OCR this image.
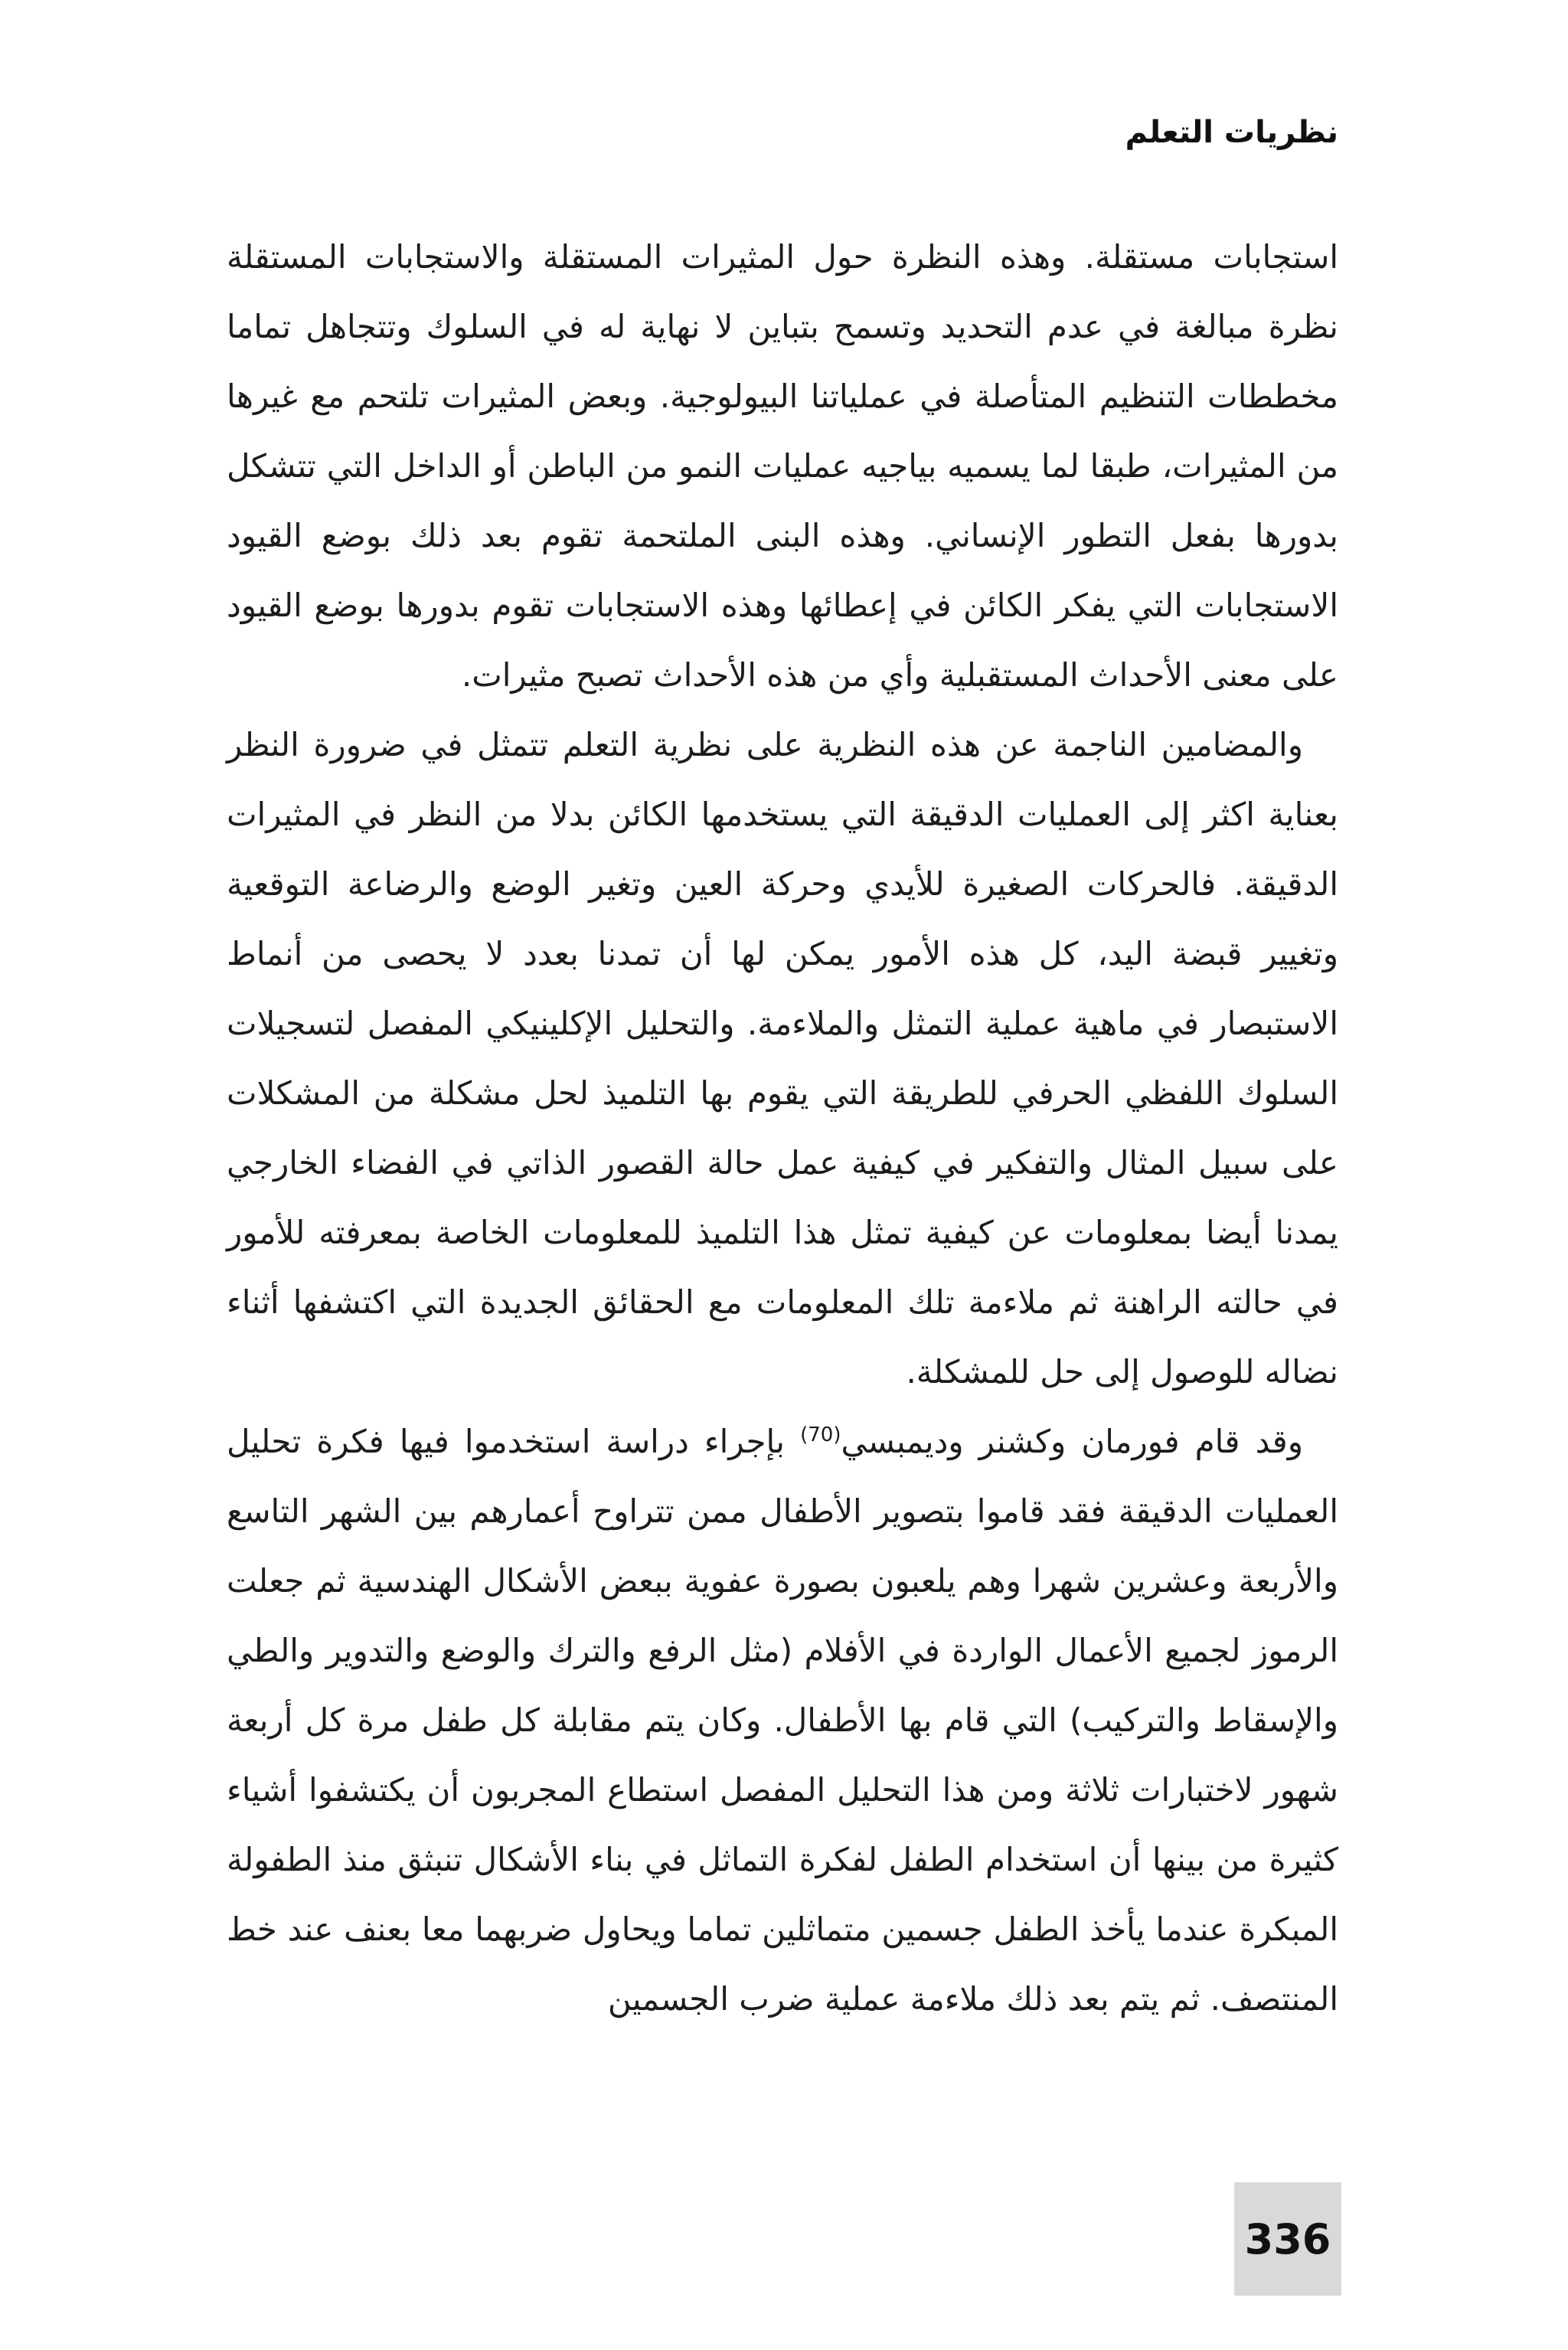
نظريات التعلم

استجابات مستقلة. وهذه النظرة حول المثيرات المستقلة والاستجابات المستقلة نظرة مبالغة في عدم التحديد وتسمح بتباين لا نهاية له في السلوك وتتجاهل تماما مخططات التنظيم المتأصلة في عملياتنا البيولوجية. وبعض المثيرات تلتحم مع غيرها من المثيرات، طبقا لما يسميه بياجيه عمليات النمو من الباطن أو الداخل التي تتشكل بدورها بفعل التطور الإنساني. وهذه البنى الملتحمة تقوم بعد ذلك بوضع القيود الاستجابات التي يفكر الكائن في إعطائها وهذه الاستجابات تقوم بدورها بوضع القيود على معنى الأحداث المستقبلية وأي من هذه الأحداث تصبح مثيرات.

والمضامين الناجمة عن هذه النظرية على نظرية التعلم تتمثل في ضرورة النظر بعناية اكثر إلى العمليات الدقيقة التي يستخدمها الكائن بدلا من النظر في المثيرات الدقيقة. فالحركات الصغيرة للأيدي وحركة العين وتغير الوضع والرضاعة التوقعية وتغيير قبضة اليد، كل هذه الأمور يمكن لها أن تمدنا بعدد لا يحصى من أنماط الاستبصار في ماهية عملية التمثل والملاءمة. والتحليل الإكلينيكي المفصل لتسجيلات السلوك اللفظي الحرفي للطريقة التي يقوم بها التلميذ لحل مشكلة من المشكلات على سبيل المثال والتفكير في كيفية عمل حالة القصور الذاتي في الفضاء الخارجي يمدنا أيضا بمعلومات عن كيفية تمثل هذا التلميذ للمعلومات الخاصة بمعرفته للأمور في حالته الراهنة ثم ملاءمة تلك المعلومات مع الحقائق الجديدة التي اكتشفها أثناء نضاله للوصول إلى حل للمشكلة.

وقد قام فورمان وكشنر وديمبسي$^{(70)}$ بإجراء دراسة استخدموا فيها فكرة تحليل العمليات الدقيقة فقد قاموا بتصوير الأطفال ممن تتراوح أعمارهم بين الشهر التاسع والأربعة وعشرين شهرا وهم يلعبون بصورة عفوية ببعض الأشكال الهندسية ثم جعلت الرموز لجميع الأعمال الواردة في الأفلام (مثل الرفع والترك والوضع والتدوير والطي والإسقاط والتركيب) التي قام بها الأطفال. وكان يتم مقابلة كل طفل مرة كل أربعة شهور لاختبارات ثلاثة ومن هذا التحليل المفصل استطاع المجربون أن يكتشفوا أشياء كثيرة من بينها أن استخدام الطفل لفكرة التماثل في بناء الأشكال تنبثق منذ الطفولة المبكرة عندما يأخذ الطفل جسمين متماثلين تماما ويحاول ضربهما معا بعنف عند خط المنتصف. ثم يتم بعد ذلك ملاءمة عملية ضرب الجسمين

336
